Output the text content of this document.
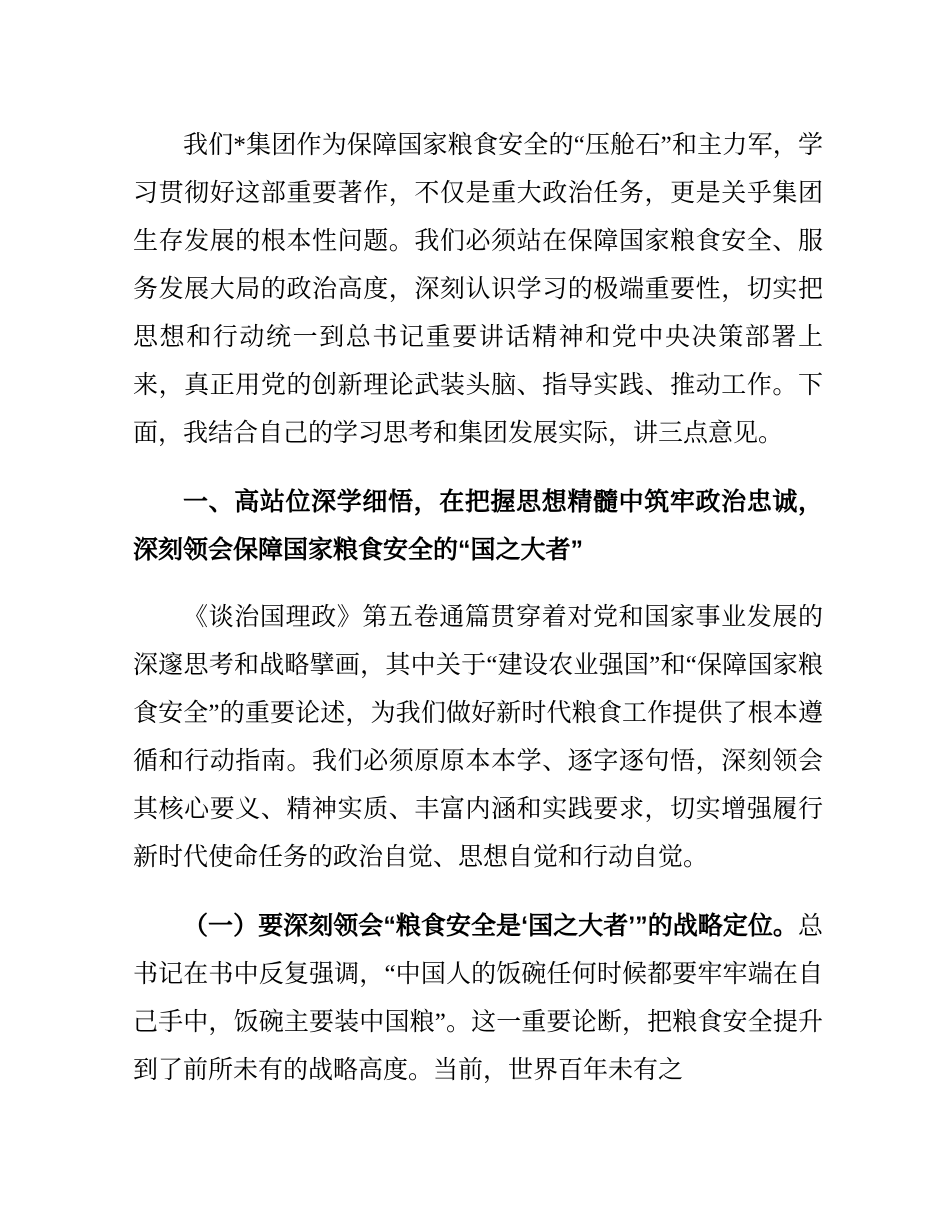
我们*集团作为保障国家粮食安全的“压舱石”和主力军，学习贯彻好这部重要著作，不仅是重大政治任务，更是关乎集团生存发展的根本性问题。我们必须站在保障国家粮食安全、服务发展大局的政治高度，深刻认识学习的极端重要性，切实把思想和行动统一到总书记重要讲话精神和党中央决策部署上来，真正用党的创新理论武装头脑、指导实践、推动工作。下面，我结合自己的学习思考和集团发展实际，讲三点意见。

一、高站位深学细悟，在把握思想精髓中筑牢政治忠诚，深刻领会保障国家粮食安全的“国之大者”

《谈治国理政》第五卷通篇贯穿着对党和国家事业发展的深邃思考和战略擘画，其中关于“建设农业强国”和“保障国家粮食安全”的重要论述，为我们做好新时代粮食工作提供了根本遵循和行动指南。我们必须原原本本学、逐字逐句悟，深刻领会其核心要义、精神实质、丰富内涵和实践要求，切实增强履行新时代使命任务的政治自觉、思想自觉和行动自觉。

（一）要深刻领会“粮食安全是‘国之大者’”的战略定位。总书记在书中反复强调，“中国人的饭碗任何时候都要牢牢端在自己手中，饭碗主要装中国粮”。这一重要论断，把粮食安全提升到了前所未有的战略高度。当前，世界百年未有之
